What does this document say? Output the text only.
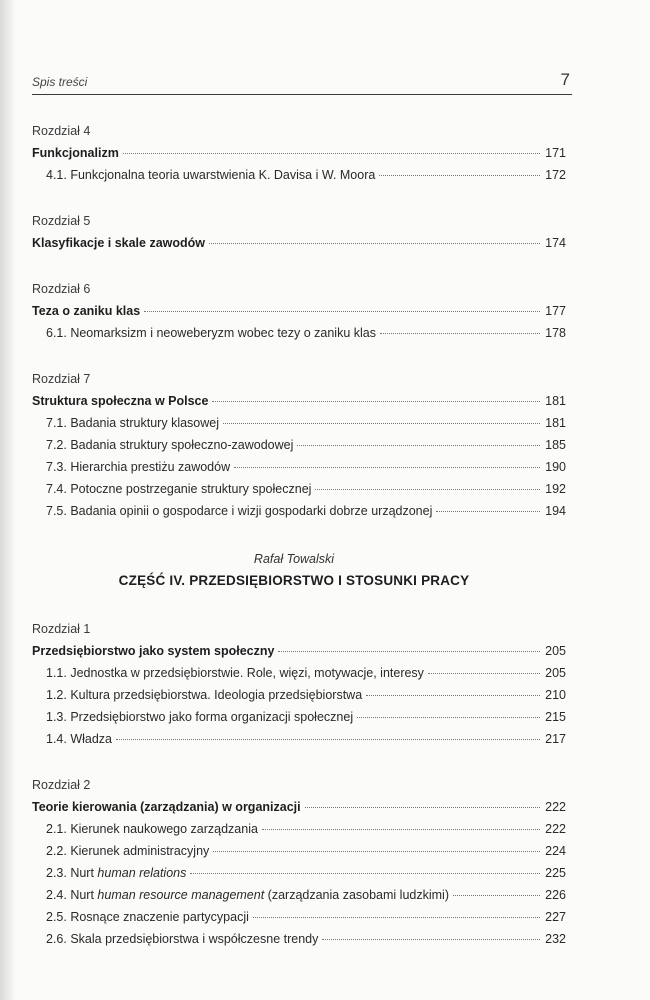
Spis treści	7
Rozdział 4
Funkcjonalizm	171
4.1. Funkcjonalna teoria uwarstwienia K. Davisa i W. Moora	172
Rozdział 5
Klasyfikacje i skale zawodów	174
Rozdział 6
Teza o zaniku klas	177
6.1. Neomarksizm i neoweberyzm wobec tezy o zaniku klas	178
Rozdział 7
Struktura społeczna w Polsce	181
7.1. Badania struktury klasowej	181
7.2. Badania struktury społeczno-zawodowej	185
7.3. Hierarchia prestiżu zawodów	190
7.4. Potoczne postrzeganie struktury społecznej	192
7.5. Badania opinii o gospodarce i wizji gospodarki dobrze urządzonej	194
Rafał Towalski
CZĘŚĆ IV. PRZEDSIĘBIORSTWO I STOSUNKI PRACY
Rozdział 1
Przedsiębiorstwo jako system społeczny	205
1.1. Jednostka w przedsiębiorstwie. Role, więzi, motywacje, interesy	205
1.2. Kultura przedsiębiorstwa. Ideologia przedsiębiorstwa	210
1.3. Przedsiębiorstwo jako forma organizacji społecznej	215
1.4. Władza	217
Rozdział 2
Teorie kierowania (zarządzania) w organizacji	222
2.1. Kierunek naukowego zarządzania	222
2.2. Kierunek administracyjny	224
2.3. Nurt human relations	225
2.4. Nurt human resource management (zarządzania zasobami ludzkimi)	226
2.5. Rosnące znaczenie partycypacji	227
2.6. Skala przedsiębiorstwa i współczesne trendy	232
